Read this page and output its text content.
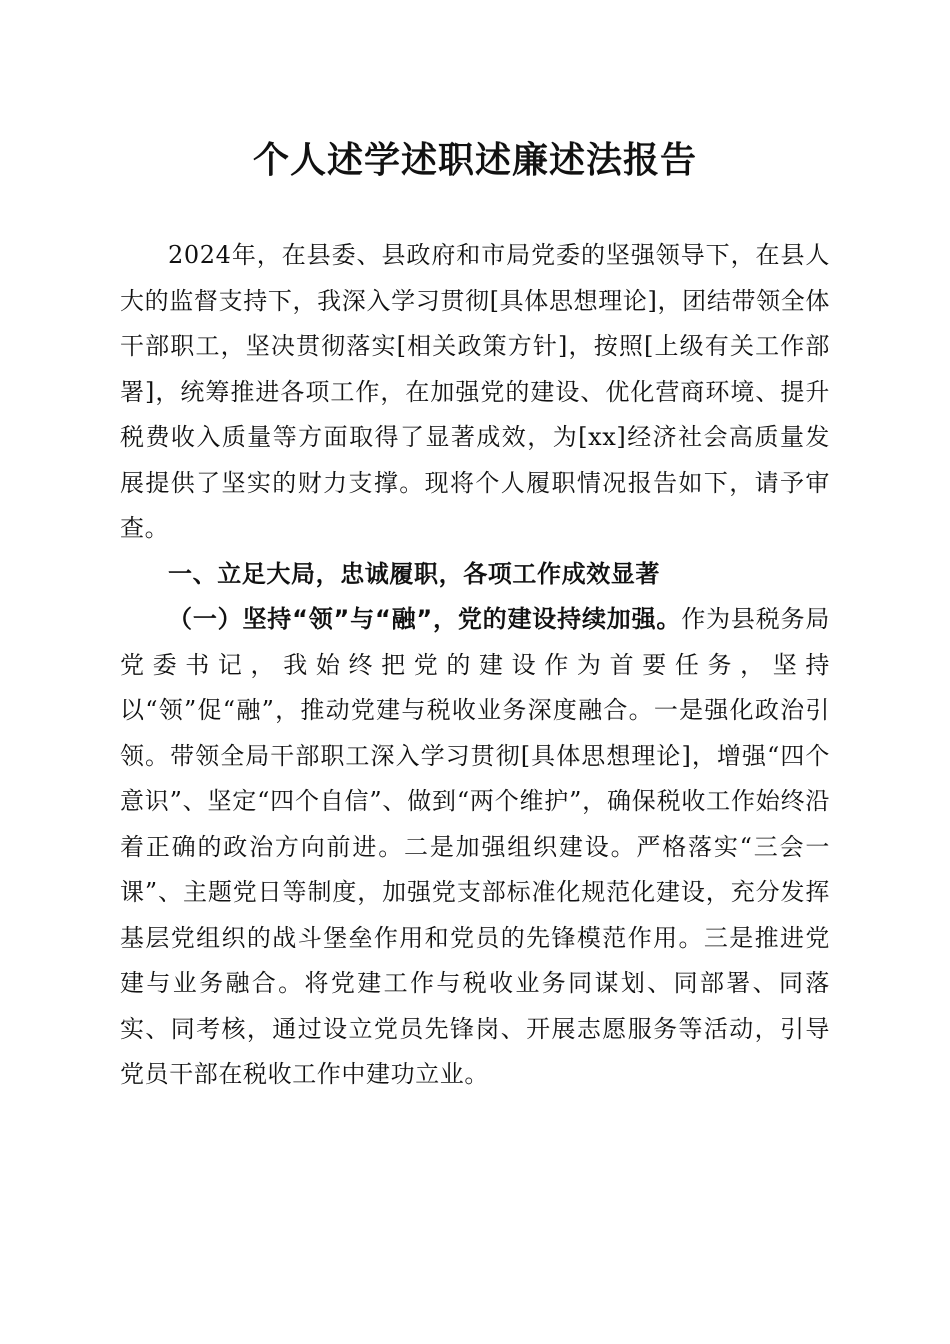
个人述学述职述廉述法报告

2024年，在县委、县政府和市局党委的坚强领导下，在县人大的监督支持下，我深入学习贯彻[具体思想理论]，团结带领全体干部职工，坚决贯彻落实[相关政策方针]，按照[上级有关工作部署]，统筹推进各项工作，在加强党的建设、优化营商环境、提升税费收入质量等方面取得了显著成效，为[xx]经济社会高质量发展提供了坚实的财力支撑。现将个人履职情况报告如下，请予审查。

一、立足大局，忠诚履职，各项工作成效显著

（一）坚持“领”与“融”，党的建设持续加强。作为县税务局党委书记，我始终把党的建设作为首要任务，坚持以“领”促“融”，推动党建与税收业务深度融合。一是强化政治引领。带领全局干部职工深入学习贯彻[具体思想理论]，增强“四个意识”、坚定“四个自信”、做到“两个维护”，确保税收工作始终沿着正确的政治方向前进。二是加强组织建设。严格落实“三会一课”、主题党日等制度，加强党支部标准化规范化建设，充分发挥基层党组织的战斗堡垒作用和党员的先锋模范作用。三是推进党建与业务融合。将党建工作与税收业务同谋划、同部署、同落实、同考核，通过设立党员先锋岗、开展志愿服务等活动，引导党员干部在税收工作中建功立业。
